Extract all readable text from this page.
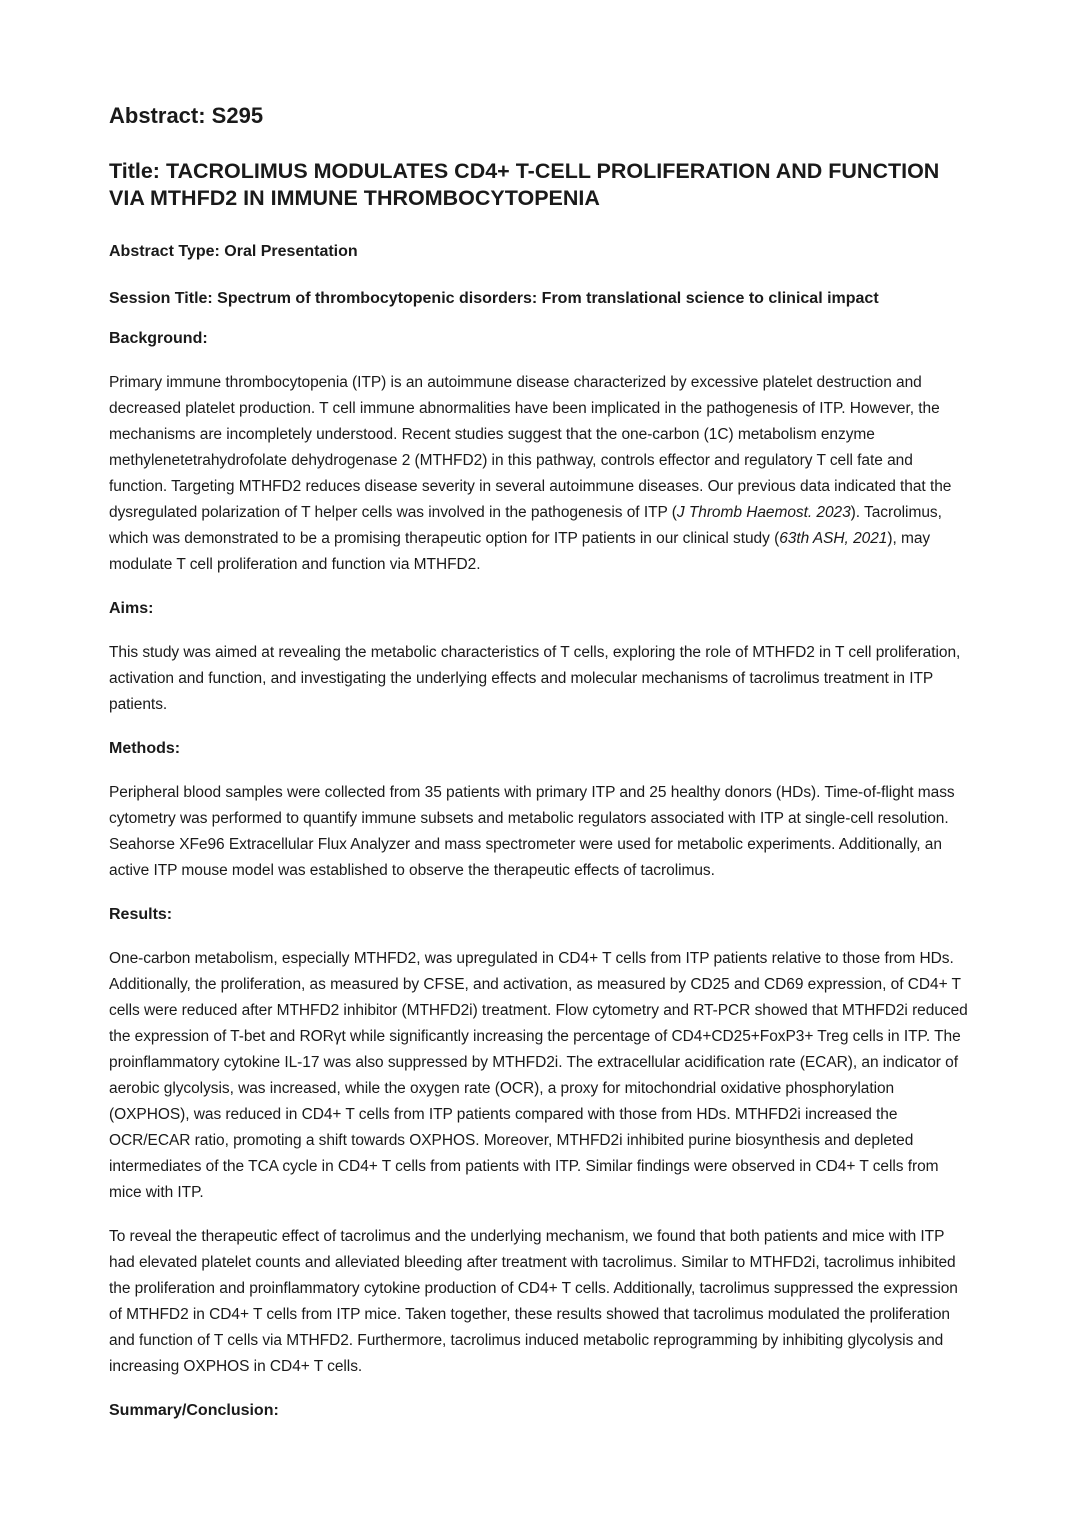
Abstract: S295
Title: TACROLIMUS MODULATES CD4+ T-CELL PROLIFERATION AND FUNCTION VIA MTHFD2 IN IMMUNE THROMBOCYTOPENIA
Abstract Type: Oral Presentation
Session Title: Spectrum of thrombocytopenic disorders: From translational science to clinical impact
Background:
Primary immune thrombocytopenia (ITP) is an autoimmune disease characterized by excessive platelet destruction and decreased platelet production. T cell immune abnormalities have been implicated in the pathogenesis of ITP. However, the mechanisms are incompletely understood. Recent studies suggest that the one-carbon (1C) metabolism enzyme methylenetetrahydrofolate dehydrogenase 2 (MTHFD2) in this pathway, controls effector and regulatory T cell fate and function. Targeting MTHFD2 reduces disease severity in several autoimmune diseases. Our previous data indicated that the dysregulated polarization of T helper cells was involved in the pathogenesis of ITP (J Thromb Haemost. 2023). Tacrolimus, which was demonstrated to be a promising therapeutic option for ITP patients in our clinical study (63th ASH, 2021), may modulate T cell proliferation and function via MTHFD2.
Aims:
This study was aimed at revealing the metabolic characteristics of T cells, exploring the role of MTHFD2 in T cell proliferation, activation and function, and investigating the underlying effects and molecular mechanisms of tacrolimus treatment in ITP patients.
Methods:
Peripheral blood samples were collected from 35 patients with primary ITP and 25 healthy donors (HDs). Time-of-flight mass cytometry was performed to quantify immune subsets and metabolic regulators associated with ITP at single-cell resolution. Seahorse XFe96 Extracellular Flux Analyzer and mass spectrometer were used for metabolic experiments. Additionally, an active ITP mouse model was established to observe the therapeutic effects of tacrolimus.
Results:
One-carbon metabolism, especially MTHFD2, was upregulated in CD4+ T cells from ITP patients relative to those from HDs. Additionally, the proliferation, as measured by CFSE, and activation, as measured by CD25 and CD69 expression, of CD4+ T cells were reduced after MTHFD2 inhibitor (MTHFD2i) treatment. Flow cytometry and RT-PCR showed that MTHFD2i reduced the expression of T-bet and RORγt while significantly increasing the percentage of CD4+CD25+FoxP3+ Treg cells in ITP. The proinflammatory cytokine IL-17 was also suppressed by MTHFD2i. The extracellular acidification rate (ECAR), an indicator of aerobic glycolysis, was increased, while the oxygen rate (OCR), a proxy for mitochondrial oxidative phosphorylation (OXPHOS), was reduced in CD4+ T cells from ITP patients compared with those from HDs. MTHFD2i increased the OCR/ECAR ratio, promoting a shift towards OXPHOS. Moreover, MTHFD2i inhibited purine biosynthesis and depleted intermediates of the TCA cycle in CD4+ T cells from patients with ITP. Similar findings were observed in CD4+ T cells from mice with ITP.
To reveal the therapeutic effect of tacrolimus and the underlying mechanism, we found that both patients and mice with ITP had elevated platelet counts and alleviated bleeding after treatment with tacrolimus. Similar to MTHFD2i, tacrolimus inhibited the proliferation and proinflammatory cytokine production of CD4+ T cells. Additionally, tacrolimus suppressed the expression of MTHFD2 in CD4+ T cells from ITP mice. Taken together, these results showed that tacrolimus modulated the proliferation and function of T cells via MTHFD2. Furthermore, tacrolimus induced metabolic reprogramming by inhibiting glycolysis and increasing OXPHOS in CD4+ T cells.
Summary/Conclusion:
